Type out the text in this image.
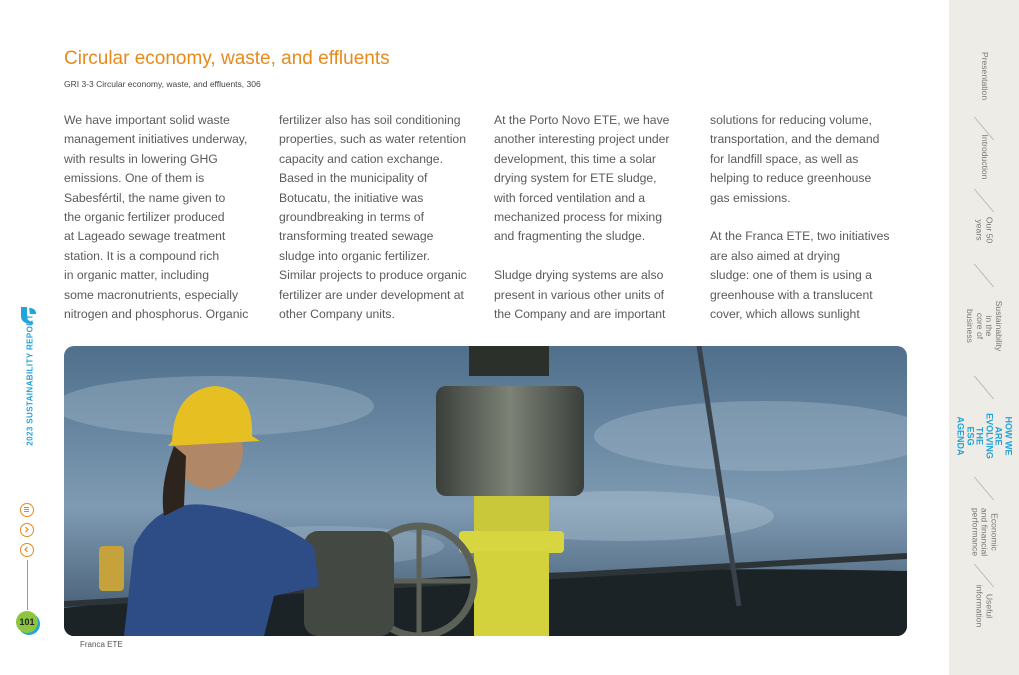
Circular economy, waste, and effluents
GRI 3-3 Circular economy, waste, and effluents, 306
We have important solid waste
management initiatives underway,
with results in lowering GHG
emissions. One of them is
Sabesfértil, the name given to
the organic fertilizer produced
at Lageado sewage treatment
station. It is a compound rich
in organic matter, including
some macronutrients, especially
nitrogen and phosphorus. Organic
fertilizer also has soil conditioning
properties, such as water retention
capacity and cation exchange.
Based in the municipality of
Botucatu, the initiative was
groundbreaking in terms of
transforming treated sewage
sludge into organic fertilizer.
Similar projects to produce organic
fertilizer are under development at
other Company units.
At the Porto Novo ETE, we have
another interesting project under
development, this time a solar
drying system for ETE sludge,
with forced ventilation and a
mechanized process for mixing
and fragmenting the sludge.

Sludge drying systems are also
present in various other units of
the Company and are important
solutions for reducing volume,
transportation, and the demand
for landfill space, as well as
helping to reduce greenhouse
gas emissions.

At the Franca ETE, two initiatives
are also aimed at drying
sludge: one of them is using a
greenhouse with a translucent
cover, which allows sunlight
Franca ETE
2023 SUSTAINABILITY REPORT
101
Presentation
Introduction
Our 50
years
Sustainability in the
core of business
HOW WE ARE
EVOLVING THE
ESG AGENDA
Economic
and financial
performance
Useful
information
